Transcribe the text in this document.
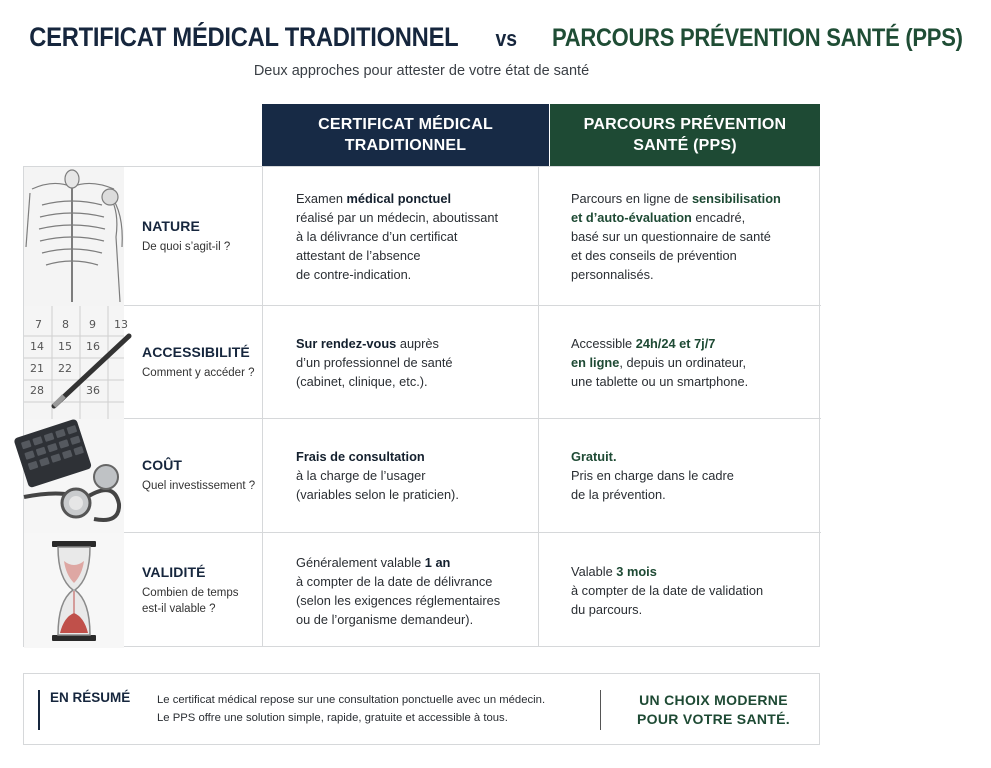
CERTIFICAT MÉDICAL TRADITIONNEL vs PARCOURS PRÉVENTION SANTÉ (PPS)
Deux approches pour attester de votre état de santé
CERTIFICAT MÉDICAL
TRADITIONNEL
PARCOURS PRÉVENTION
SANTÉ (PPS)
NATURE
De quoi s’agit-il ?

Examen médical ponctuel
réalisé par un médecin, aboutissant
à la délivrance d’un certificat
attestant de l’absence
de contre-indication.

Parcours en ligne de sensibilisation
et d’auto-évaluation encadré,
basé sur un questionnaire de santé
et des conseils de prévention
personnalisés.

7 8 9 13
14 15 16
21 22
28	36
ACCESSIBILITÉ
Comment y accéder ?

Sur rendez-vous auprès
d’un professionnel de santé
(cabinet, clinique, etc.).

Accessible 24h/24 et 7j/7
en ligne, depuis un ordinateur,
une tablette ou un smartphone.

COÛT
Quel investissement ?

Frais de consultation
à la charge de l’usager
(variables selon le praticien).

Gratuit.
Pris en charge dans le cadre
de la prévention.

VALIDITÉ
Combien de temps
est-il valable ?

Généralement valable 1 an
à compter de la date de délivrance
(selon les exigences réglementaires
ou de l’organisme demandeur).

Valable 3 mois
à compter de la date de validation
du parcours.

EN RÉSUMÉ Le certificat médical repose sur une consultation ponctuelle avec un médecin.
Le PPS offre une solution simple, rapide, gratuite et accessible à tous.
UN CHOIX MODERNE
POUR VOTRE SANTÉ.
